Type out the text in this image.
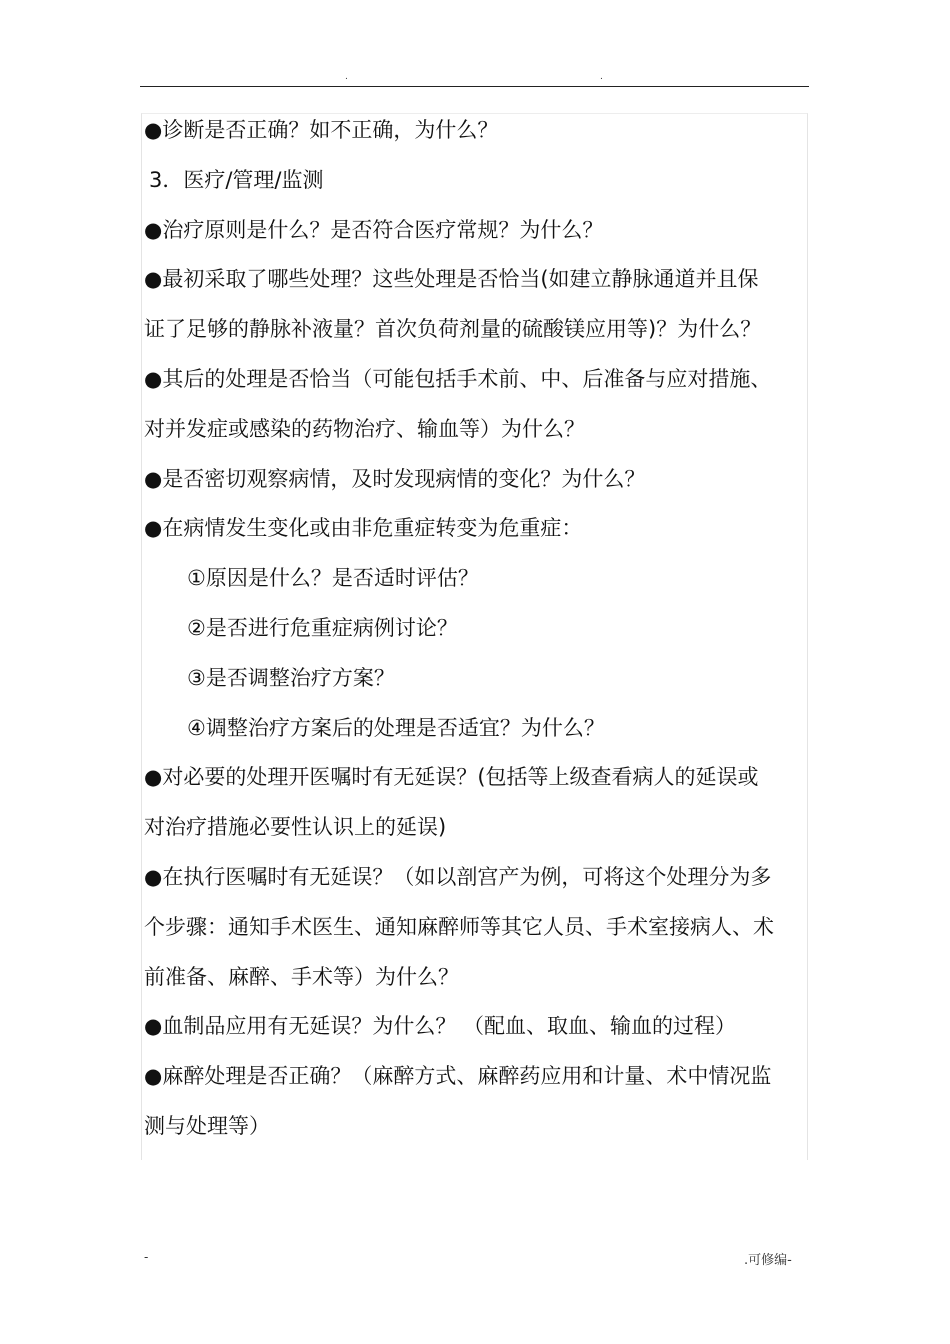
.	.
●诊断是否正确？如不正确，为什么？
3．医疗/管理/监测
●治疗原则是什么？是否符合医疗常规？为什么？
●最初采取了哪些处理？这些处理是否恰当(如建立静脉通道并且保
证了足够的静脉补液量？首次负荷剂量的硫酸镁应用等)？为什么？
●其后的处理是否恰当（可能包括手术前、中、后准备与应对措施、
对并发症或感染的药物治疗、输血等）为什么？
●是否密切观察病情，及时发现病情的变化？为什么？
●在病情发生变化或由非危重症转变为危重症：
①原因是什么？是否适时评估？
②是否进行危重症病例讨论？
③是否调整治疗方案？
④调整治疗方案后的处理是否适宜？为什么？
●对必要的处理开医嘱时有无延误？(包括等上级查看病人的延误或
对治疗措施必要性认识上的延误)
●在执行医嘱时有无延误？（如以剖宫产为例，可将这个处理分为多
个步骤：通知手术医生、通知麻醉师等其它人员、手术室接病人、术
前准备、麻醉、手术等）为什么？
●血制品应用有无延误？为什么？ （配血、取血、输血的过程）
●麻醉处理是否正确？（麻醉方式、麻醉药应用和计量、术中情况监
测与处理等）
-	.可修编-
